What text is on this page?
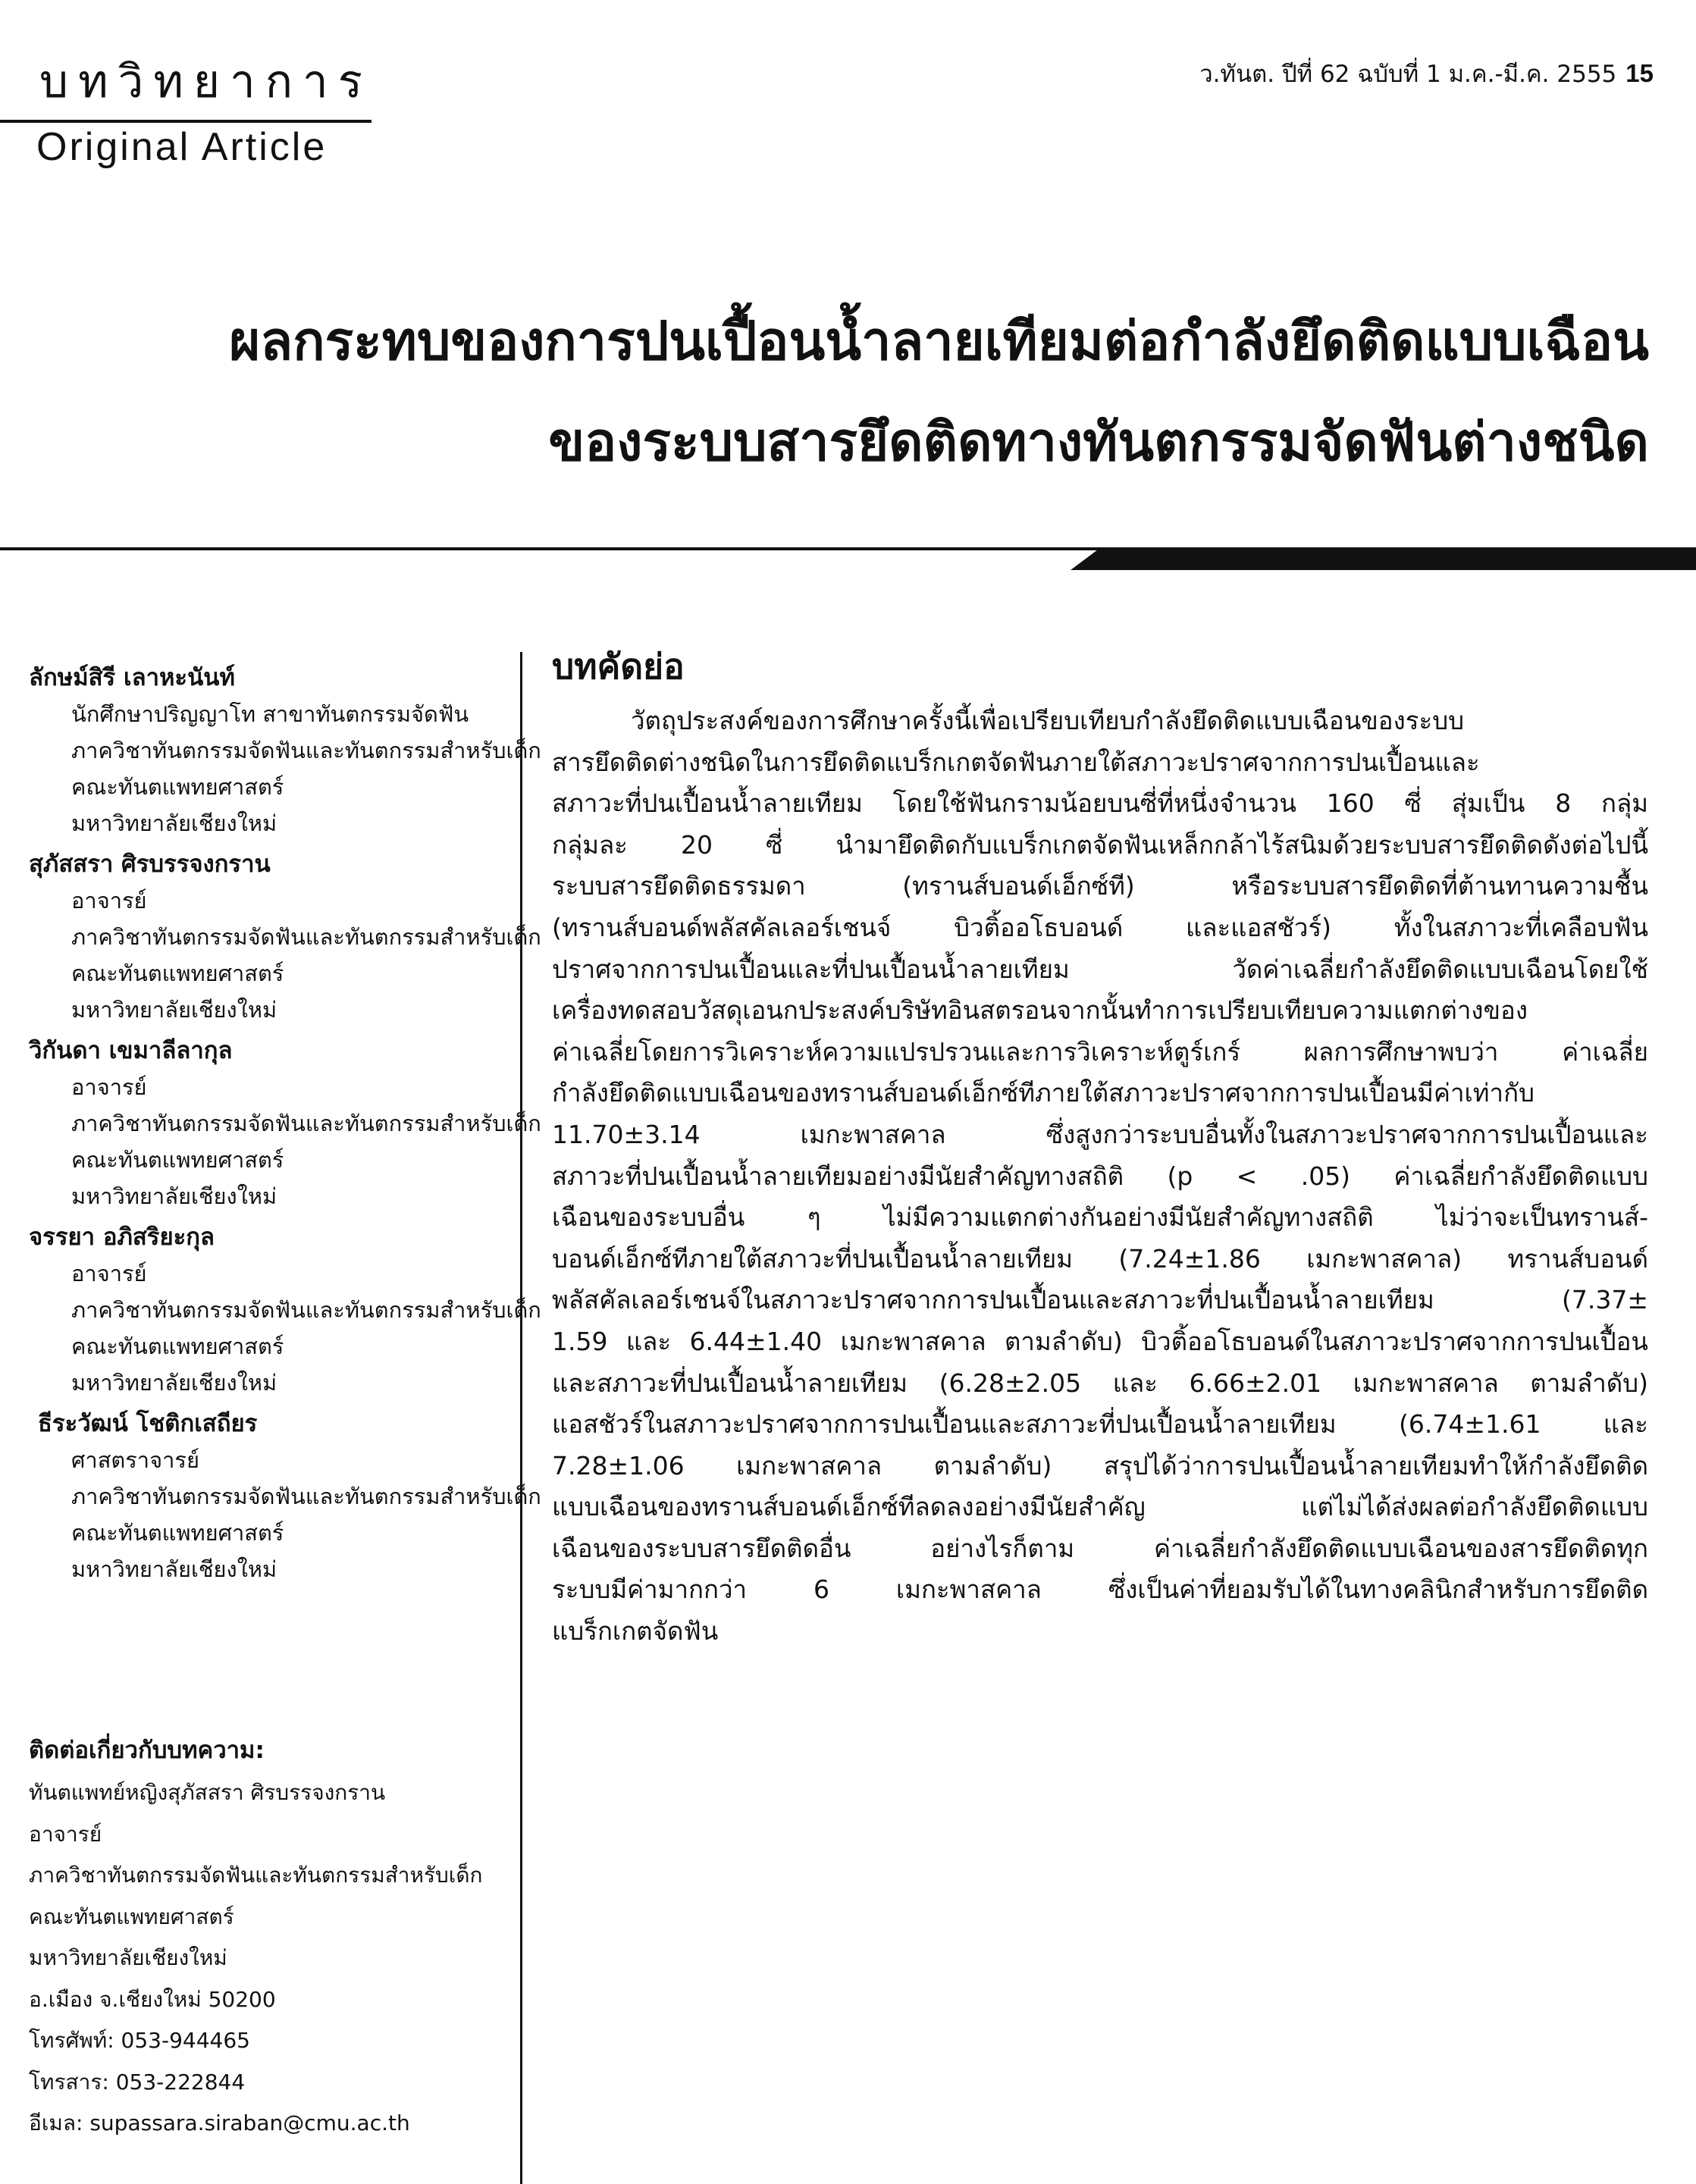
บทวิทยาการ
Original Article
ว.ทันต. ปีที่ 62 ฉบับที่ 1 ม.ค.-มี.ค. 2555 15
ผลกระทบของการปนเปื้อนน้ำลายเทียมต่อกำลังยึดติดแบบเฉือน
ของระบบสารยึดติดทางทันตกรรมจัดฟันต่างชนิด
ลักษม์สิรี เลาหะนันท์
นักศึกษาปริญญาโท สาขาทันตกรรมจัดฟัน
ภาควิชาทันตกรรมจัดฟันและทันตกรรมสำหรับเด็ก
คณะทันตแพทยศาสตร์
มหาวิทยาลัยเชียงใหม่
สุภัสสรา ศิรบรรจงกราน
อาจารย์
ภาควิชาทันตกรรมจัดฟันและทันตกรรมสำหรับเด็ก
คณะทันตแพทยศาสตร์
มหาวิทยาลัยเชียงใหม่
วิกันดา เขมาลีลากุล
อาจารย์
ภาควิชาทันตกรรมจัดฟันและทันตกรรมสำหรับเด็ก
คณะทันตแพทยศาสตร์
มหาวิทยาลัยเชียงใหม่
จรรยา อภิสริยะกุล
อาจารย์
ภาควิชาทันตกรรมจัดฟันและทันตกรรมสำหรับเด็ก
คณะทันตแพทยศาสตร์
มหาวิทยาลัยเชียงใหม่
ธีระวัฒน์ โชติกเสถียร
ศาสตราจารย์
ภาควิชาทันตกรรมจัดฟันและทันตกรรมสำหรับเด็ก
คณะทันตแพทยศาสตร์
มหาวิทยาลัยเชียงใหม่
ติดต่อเกี่ยวกับบทความ:
ทันตแพทย์หญิงสุภัสสรา ศิรบรรจงกราน
อาจารย์
ภาควิชาทันตกรรมจัดฟันและทันตกรรมสำหรับเด็ก
คณะทันตแพทยศาสตร์
มหาวิทยาลัยเชียงใหม่
อ.เมือง จ.เชียงใหม่ 50200
โทรศัพท์: 053-944465
โทรสาร: 053-222844
อีเมล: supassara.siraban@cmu.ac.th
บทคัดย่อ
วัตถุประสงค์ของการศึกษาครั้งนี้เพื่อเปรียบเทียบกำลังยึดติดแบบเฉือนของระบบ
สารยึดติดต่างชนิดในการยึดติดแบร็กเกตจัดฟันภายใต้สภาวะปราศจากการปนเปื้อนและ
สภาวะที่ปนเปื้อนน้ำลายเทียม โดยใช้ฟันกรามน้อยบนซี่ที่หนึ่งจำนวน 160 ซี่ สุ่มเป็น 8 กลุ่ม
กลุ่มละ 20 ซี่ นำมายึดติดกับแบร็กเกตจัดฟันเหล็กกล้าไร้สนิมด้วยระบบสารยึดติดดังต่อไปนี้
ระบบสารยึดติดธรรมดา (ทรานส์บอนด์เอ็กซ์ที) หรือระบบสารยึดติดที่ต้านทานความชื้น
(ทรานส์บอนด์พลัสคัลเลอร์เชนจ์ บิวติ้ออโธบอนด์ และแอสชัวร์) ทั้งในสภาวะที่เคลือบฟัน
ปราศจากการปนเปื้อนและที่ปนเปื้อนน้ำลายเทียม วัดค่าเฉลี่ยกำลังยึดติดแบบเฉือนโดยใช้
เครื่องทดสอบวัสดุเอนกประสงค์บริษัทอินสตรอนจากนั้นทำการเปรียบเทียบความแตกต่างของ
ค่าเฉลี่ยโดยการวิเคราะห์ความแปรปรวนและการวิเคราะห์ตูร์เกร์ ผลการศึกษาพบว่า ค่าเฉลี่ย
กำลังยึดติดแบบเฉือนของทรานส์บอนด์เอ็กซ์ทีภายใต้สภาวะปราศจากการปนเปื้อนมีค่าเท่ากับ
11.70±3.14 เมกะพาสคาล ซึ่งสูงกว่าระบบอื่นทั้งในสภาวะปราศจากการปนเปื้อนและ
สภาวะที่ปนเปื้อนน้ำลายเทียมอย่างมีนัยสำคัญทางสถิติ (p < .05) ค่าเฉลี่ยกำลังยึดติดแบบ
เฉือนของระบบอื่น ๆ ไม่มีความแตกต่างกันอย่างมีนัยสำคัญทางสถิติ ไม่ว่าจะเป็นทรานส์-
บอนด์เอ็กซ์ทีภายใต้สภาวะที่ปนเปื้อนน้ำลายเทียม (7.24±1.86 เมกะพาสคาล) ทรานส์บอนด์
พลัสคัลเลอร์เชนจ์ในสภาวะปราศจากการปนเปื้อนและสภาวะที่ปนเปื้อนน้ำลายเทียม (7.37±
1.59 และ 6.44±1.40 เมกะพาสคาล ตามลำดับ) บิวติ้ออโธบอนด์ในสภาวะปราศจากการปนเปื้อน
และสภาวะที่ปนเปื้อนน้ำลายเทียม (6.28±2.05 และ 6.66±2.01 เมกะพาสคาล ตามลำดับ)
แอสชัวร์ในสภาวะปราศจากการปนเปื้อนและสภาวะที่ปนเปื้อนน้ำลายเทียม (6.74±1.61 และ
7.28±1.06 เมกะพาสคาล ตามลำดับ) สรุปได้ว่าการปนเปื้อนน้ำลายเทียมทำให้กำลังยึดติด
แบบเฉือนของทรานส์บอนด์เอ็กซ์ทีลดลงอย่างมีนัยสำคัญ แต่ไม่ได้ส่งผลต่อกำลังยึดติดแบบ
เฉือนของระบบสารยึดติดอื่น อย่างไรก็ตาม ค่าเฉลี่ยกำลังยึดติดแบบเฉือนของสารยึดติดทุก
ระบบมีค่ามากกว่า 6 เมกะพาสคาล ซึ่งเป็นค่าที่ยอมรับได้ในทางคลินิกสำหรับการยึดติด
แบร็กเกตจัดฟัน
